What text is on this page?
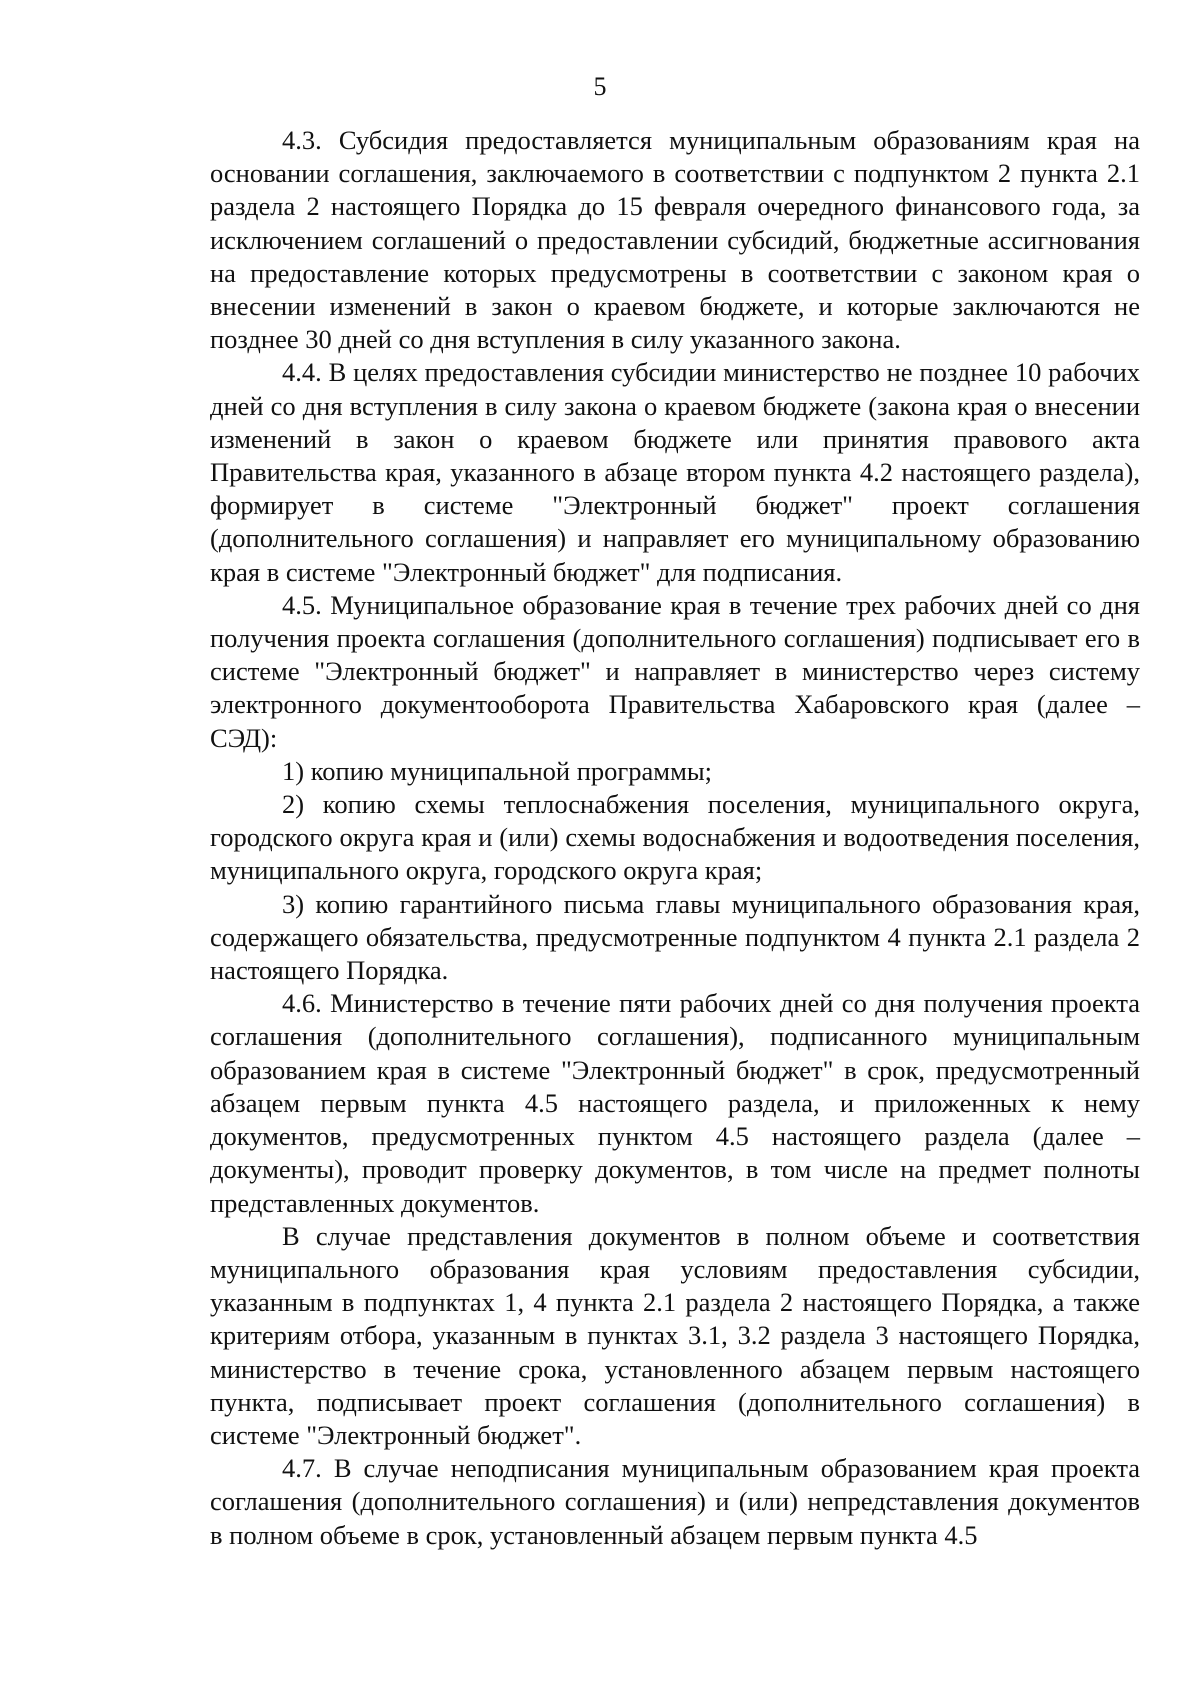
5

4.3. Субсидия предоставляется муниципальным образованиям края на основании соглашения, заключаемого в соответствии с подпунктом 2 пункта 2.1 раздела 2 настоящего Порядка до 15 февраля очередного финансового года, за исключением соглашений о предоставлении субсидий, бюджетные ассигнования на предоставление которых предусмотрены в соответствии с законом края о внесении изменений в закон о краевом бюджете, и которые заключаются не позднее 30 дней со дня вступления в силу указанного закона.

4.4. В целях предоставления субсидии министерство не позднее 10 рабочих дней со дня вступления в силу закона о краевом бюджете (закона края о внесении изменений в закон о краевом бюджете или принятия правового акта Правительства края, указанного в абзаце втором пункта 4.2 настоящего раздела), формирует в системе "Электронный бюджет" проект соглашения (дополнительного соглашения) и направляет его муниципальному образованию края в системе "Электронный бюджет" для подписания.

4.5. Муниципальное образование края в течение трех рабочих дней со дня получения проекта соглашения (дополнительного соглашения) подписывает его в системе "Электронный бюджет" и направляет в министерство через систему электронного документооборота Правительства Хабаровского края (далее – СЭД):

1) копию муниципальной программы;

2) копию схемы теплоснабжения поселения, муниципального округа, городского округа края и (или) схемы водоснабжения и водоотведения поселения, муниципального округа, городского округа края;

3) копию гарантийного письма главы муниципального образования края, содержащего обязательства, предусмотренные подпунктом 4 пункта 2.1 раздела 2 настоящего Порядка.

4.6. Министерство в течение пяти рабочих дней со дня получения проекта соглашения (дополнительного соглашения), подписанного муниципальным образованием края в системе "Электронный бюджет" в срок, предусмотренный абзацем первым пункта 4.5 настоящего раздела, и приложенных к нему документов, предусмотренных пунктом 4.5 настоящего раздела (далее – документы), проводит проверку документов, в том числе на предмет полноты представленных документов.

В случае представления документов в полном объеме и соответствия муниципального образования края условиям предоставления субсидии, указанным в подпунктах 1, 4 пункта 2.1 раздела 2 настоящего Порядка, а также критериям отбора, указанным в пунктах 3.1, 3.2 раздела 3 настоящего Порядка, министерство в течение срока, установленного абзацем первым настоящего пункта, подписывает проект соглашения (дополнительного соглашения) в системе "Электронный бюджет".

4.7. В случае неподписания муниципальным образованием края проекта соглашения (дополнительного соглашения) и (или) непредставления документов в полном объеме в срок, установленный абзацем первым пункта 4.5
